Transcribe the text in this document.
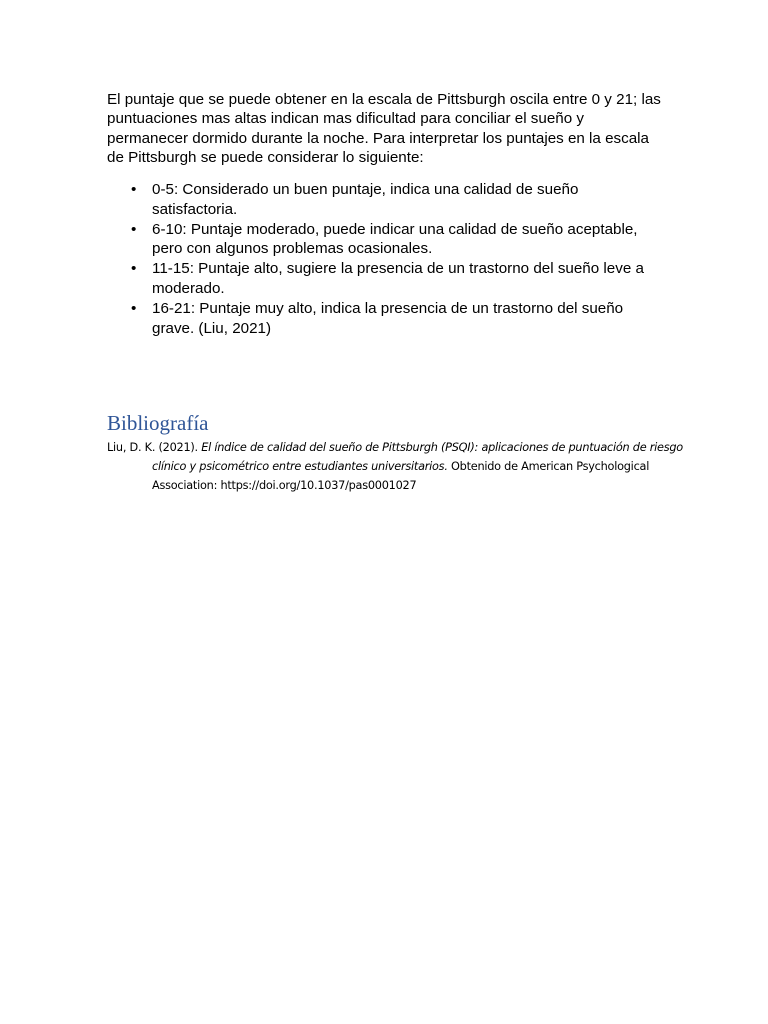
El puntaje que se puede obtener en la escala de Pittsburgh oscila entre 0 y 21; las puntuaciones mas altas indican mas dificultad para conciliar el sueño y permanecer dormido durante la noche. Para interpretar los puntajes en la escala de Pittsburgh se puede considerar lo siguiente:

• 0-5: Considerado un buen puntaje, indica una calidad de sueño satisfactoria.
• 6-10: Puntaje moderado, puede indicar una calidad de sueño aceptable, pero con algunos problemas ocasionales.
• 11-15: Puntaje alto, sugiere la presencia de un trastorno del sueño leve a moderado.
• 16-21: Puntaje muy alto, indica la presencia de un trastorno del sueño grave. (Liu, 2021)
Bibliografía

Liu, D. K. (2021). El índice de calidad del sueño de Pittsburgh (PSQI): aplicaciones de puntuación de riesgo clínico y psicométrico entre estudiantes universitarios. Obtenido de American Psychological Association: https://doi.org/10.1037/pas0001027
